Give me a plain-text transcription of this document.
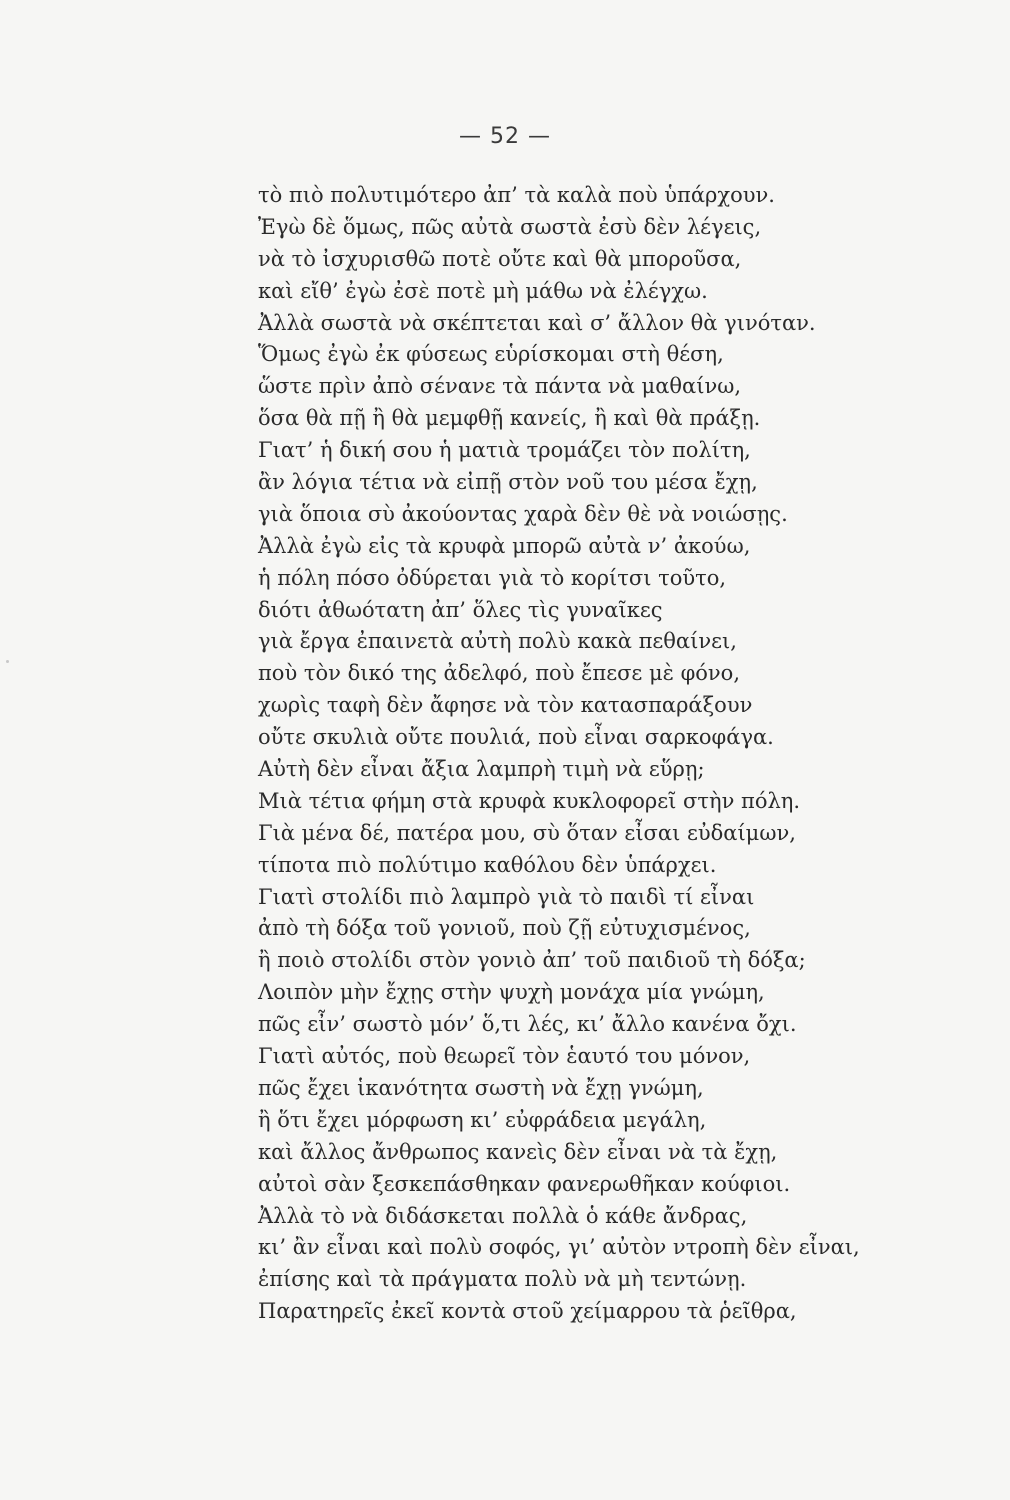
— 52 —
τὸ πιὸ πολυτιμότερο ἀπ’ τὰ καλὰ ποὺ ὑπάρχουν.
Ἐγὼ δὲ ὅμως, πῶς αὐτὰ σωστὰ ἐσὺ δὲν λέγεις,
νὰ τὸ ἰσχυρισθῶ ποτὲ οὔτε καὶ θὰ μποροῦσα,
καὶ εἴθ’ ἐγὼ ἐσὲ ποτὲ μὴ μάθω νὰ ἐλέγχω.
Ἀλλὰ σωστὰ νὰ σκέπτεται καὶ σ’ ἄλλον θὰ γινόταν.
Ὅμως ἐγὼ ἐκ φύσεως εὑρίσκομαι στὴ θέση,
ὥστε πρὶν ἀπὸ σένανε τὰ πάντα νὰ μαθαίνω,
ὅσα θὰ πῇ ἢ θὰ μεμφθῇ κανείς, ἢ καὶ θὰ πράξῃ.
Γιατ’ ἡ δική σου ἡ ματιὰ τρομάζει τὸν πολίτη,
ἂν λόγια τέτια νὰ εἰπῇ στὸν νοῦ του μέσα ἔχῃ,
γιὰ ὅποια σὺ ἀκούοντας χαρὰ δὲν θὲ νὰ νοιώσῃς.
Ἀλλὰ ἐγὼ εἰς τὰ κρυφὰ μπορῶ αὐτὰ ν’ ἀκούω,
ἡ πόλη πόσο ὀδύρεται γιὰ τὸ κορίτσι τοῦτο,
διότι ἀθωότατη ἀπ’ ὅλες τὶς γυναῖκες
γιὰ ἔργα ἐπαινετὰ αὐτὴ πολὺ κακὰ πεθαίνει,
ποὺ τὸν δικό της ἀδελφό, ποὺ ἔπεσε μὲ φόνο,
χωρὶς ταφὴ δὲν ἄφησε νὰ τὸν κατασπαράξουν
οὔτε σκυλιὰ οὔτε πουλιά, ποὺ εἶναι σαρκοφάγα.
Αὐτὴ δὲν εἶναι ἄξια λαμπρὴ τιμὴ νὰ εὕρῃ;
Μιὰ τέτια φήμη στὰ κρυφὰ κυκλοφορεῖ στὴν πόλη.
Γιὰ μένα δέ, πατέρα μου, σὺ ὅταν εἶσαι εὐδαίμων,
τίποτα πιὸ πολύτιμο καθόλου δὲν ὑπάρχει.
Γιατὶ στολίδι πιὸ λαμπρὸ γιὰ τὸ παιδὶ τί εἶναι
ἀπὸ τὴ δόξα τοῦ γονιοῦ, ποὺ ζῇ εὐτυχισμένος,
ἢ ποιὸ στολίδι στὸν γονιὸ ἀπ’ τοῦ παιδιοῦ τὴ δόξα;
Λοιπὸν μὴν ἔχῃς στὴν ψυχὴ μονάχα μία γνώμη,
πῶς εἶν’ σωστὸ μόν’ ὅ,τι λές, κι’ ἄλλο κανένα ὄχι.
Γιατὶ αὐτός, ποὺ θεωρεῖ τὸν ἑαυτό του μόνον,
πῶς ἔχει ἱκανότητα σωστὴ νὰ ἔχῃ γνώμη,
ἢ ὅτι ἔχει μόρφωση κι’ εὐφράδεια μεγάλη,
καὶ ἄλλος ἄνθρωπος κανεὶς δὲν εἶναι νὰ τὰ ἔχῃ,
αὐτοὶ σὰν ξεσκεπάσθηκαν φανερωθῆκαν κούφιοι.
Ἀλλὰ τὸ νὰ διδάσκεται πολλὰ ὁ κάθε ἄνδρας,
κι’ ἂν εἶναι καὶ πολὺ σοφός, γι’ αὐτὸν ντροπὴ δὲν εἶναι,
ἐπίσης καὶ τὰ πράγματα πολὺ νὰ μὴ τεντώνῃ.
Παρατηρεῖς ἐκεῖ κοντὰ στοῦ χείμαρρου τὰ ῥεῖθρα,
